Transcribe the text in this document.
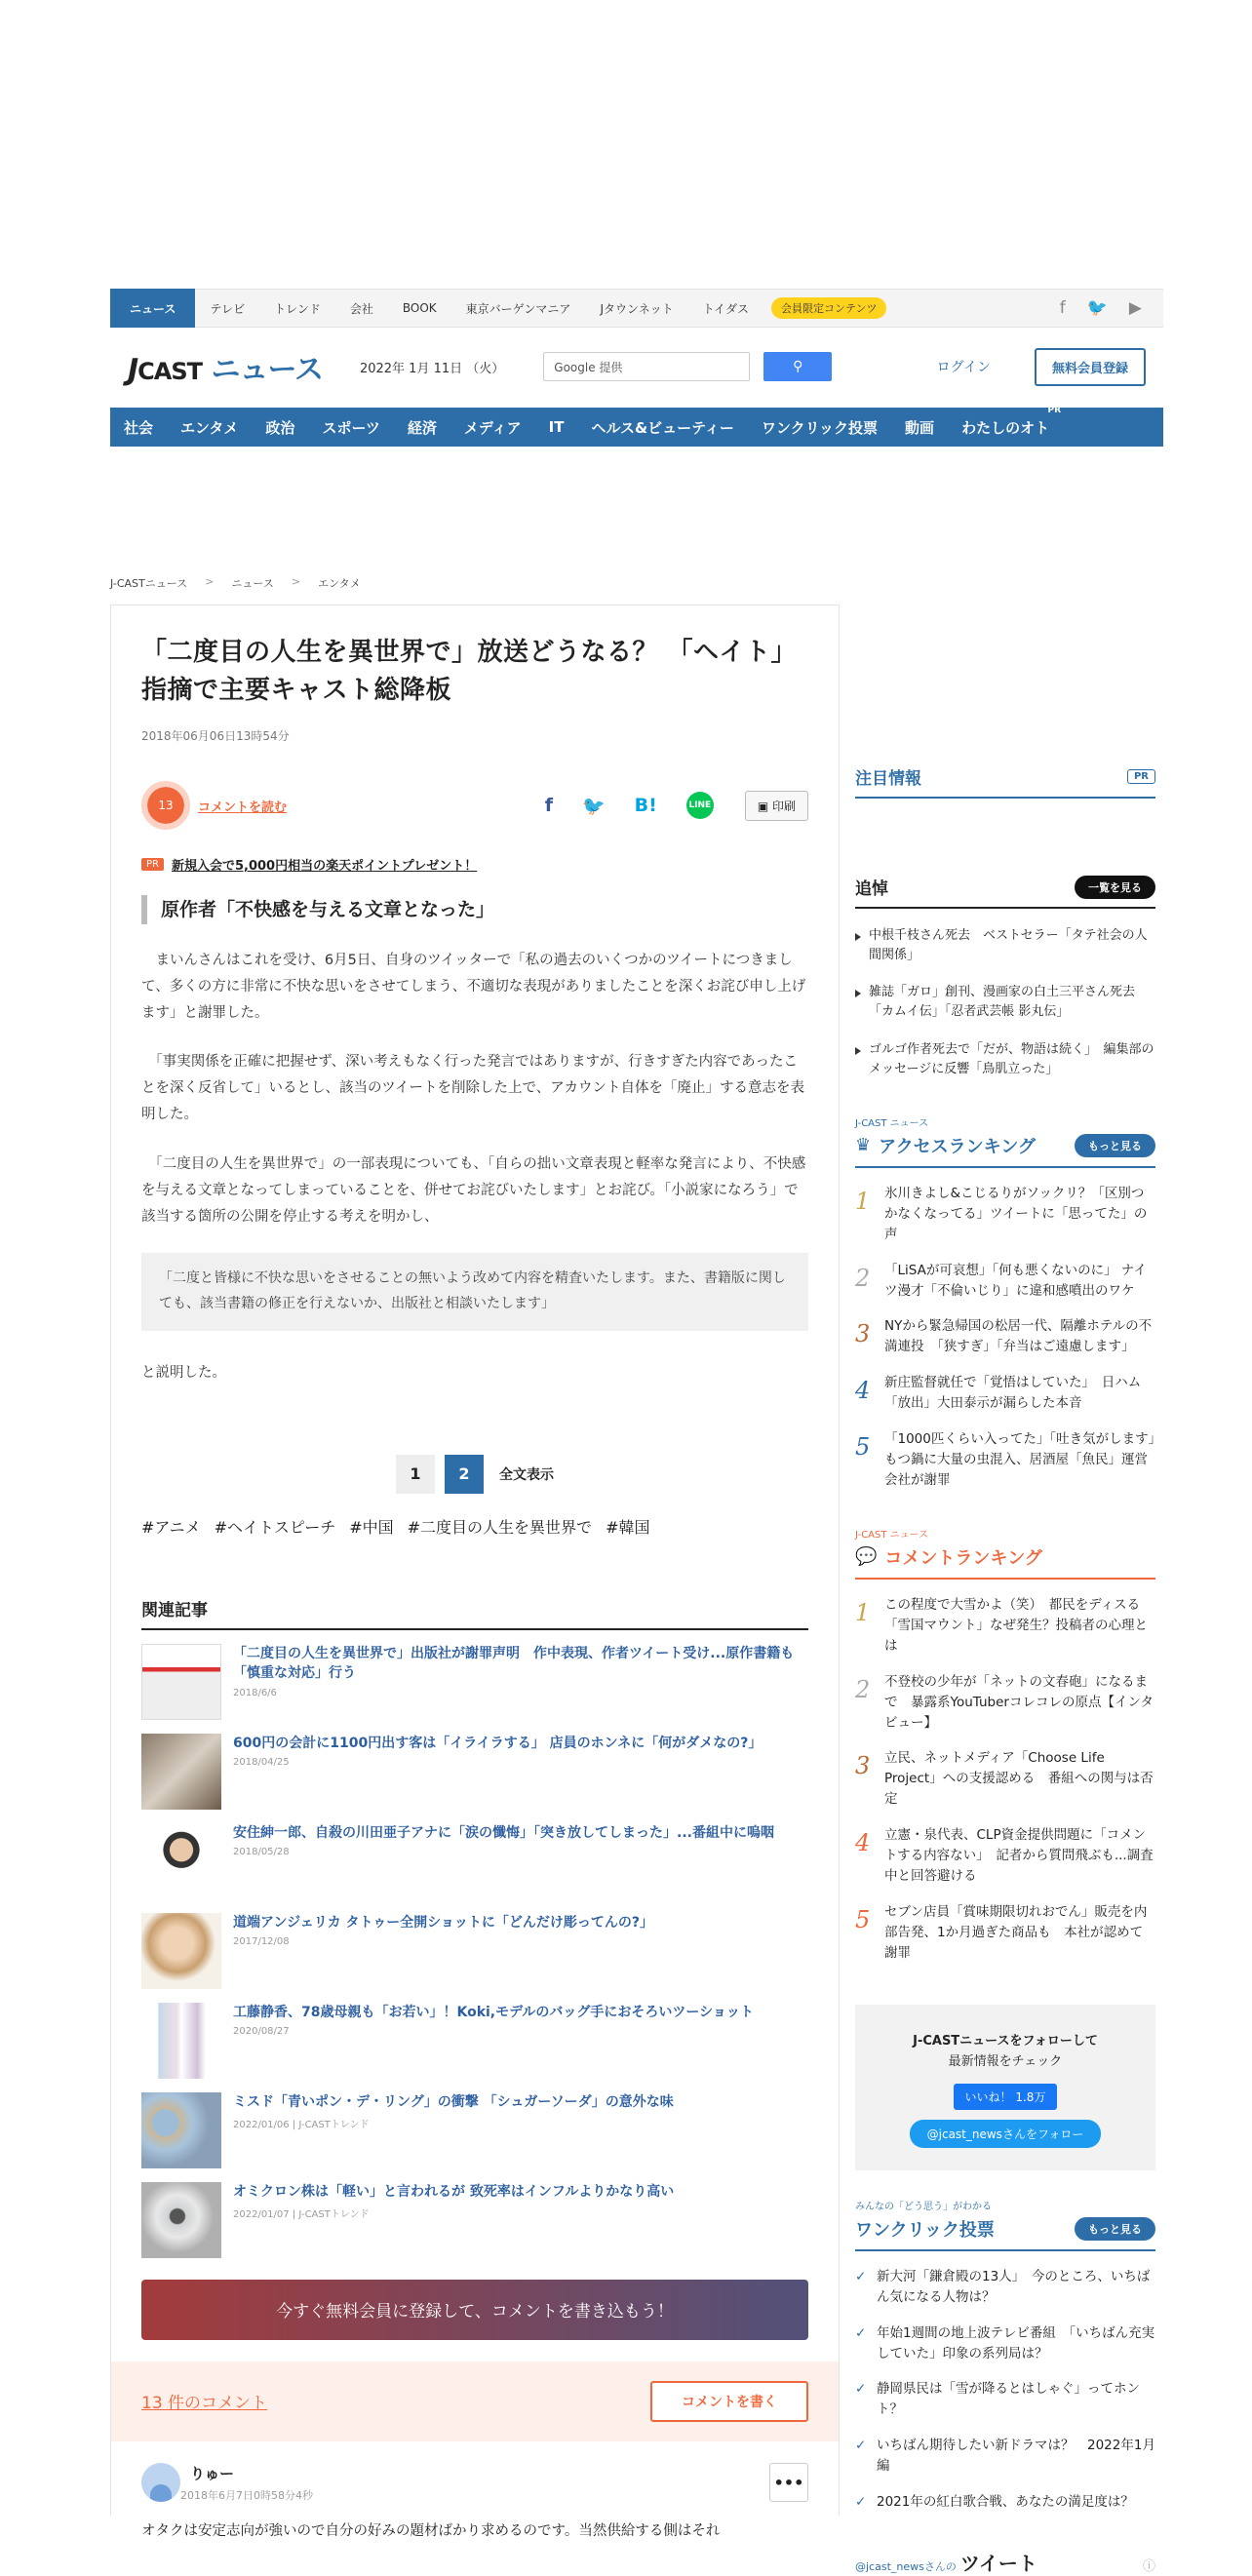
ニュース	テレビ	トレンド	会社	BOOK	東京バーゲンマニア	Jタウンネット	トイダス	会員限定コンテンツ	f 🐦 ▶
JCAST ニュース	2022年 1月 11日 （火）	Google 提供	⚲	ログイン	無料会員登録
社会	エンタメ	政治	スポーツ	経済	メディア	IT	ヘルス&ビューティー	ワンクリック投票	動画	わたしのオト
PR
J-CASTニュース > ニュース > エンタメ
「二度目の人生を異世界で」放送どうなる？ 「ヘイト」指摘で主要キャスト総降板
2018年06月06日13時54分
13	コメントを読む	f 🐦 B!	LINE	▣ 印刷
PR	新規入会で5,000円相当の楽天ポイントプレゼント！
原作者「不快感を与える文章となった」

　まいんさんはこれを受け、6月5日、自身のツイッターで「私の過去のいくつかのツイートにつきまして、多くの方に非常に不快な思いをさせてしまう、不適切な表現がありましたことを深くお詫び申し上げます」と謝罪した。

　「事実関係を正確に把握せず、深い考えもなく行った発言ではありますが、行きすぎた内容であったことを深く反省して」いるとし、該当のツイートを削除した上で、アカウント自体を「廃止」する意志を表明した。

　「二度目の人生を異世界で」の一部表現についても、「自らの拙い文章表現と軽率な発言により、不快感を与える文章となってしまっていることを、併せてお詫びいたします」とお詫び。「小説家になろう」で該当する箇所の公開を停止する考えを明かし、

「二度と皆様に不快な思いをさせることの無いよう改めて内容を精査いたします。また、書籍版に関しても、該当書籍の修正を行えないか、出版社と相談いたします」

と説明した。

1	2	全文表示
#アニメ #ヘイトスピーチ #中国 #二度目の人生を異世界で #韓国
関連記事
「二度目の人生を異世界で」出版社が謝罪声明　作中表現、作者ツイート受け...原作書籍も「慎重な対応」行う
2018/6/6
600円の会計に1100円出す客は「イライラする」 店員のホンネに「何がダメなの?」
2018/04/25
安住紳一郎、自殺の川田亜子アナに「涙の懺悔」「突き放してしまった」...番組中に嗚咽
2018/05/28
道端アンジェリカ タトゥー全開ショットに「どんだけ彫ってんの?」
2017/12/08
工藤静香、78歳母親も「お若い」！Koki,モデルのバッグ手におそろいツーショット
2020/08/27
ミスド「青いポン・デ・リング」の衝撃 「シュガーソーダ」の意外な味
2022/01/06 | J-CASTトレンド
オミクロン株は「軽い」と言われるが 致死率はインフルよりかなり高い
2022/01/07 | J-CASTトレンド
今すぐ無料会員に登録して、コメントを書き込もう！
13 件のコメント	コメントを書く
りゅー
2018年6月7日0時58分4秒
•••

オタクは安定志向が強いので自分の好みの題材ばかり求めるのです。当然供給する側はそれ

注目情報	PR
追悼	一覧を見る
中根千枝さん死去　ベストセラー「タテ社会の人間関係」
雑誌「ガロ」創刊、漫画家の白土三平さん死去　「カムイ伝」「忍者武芸帳 影丸伝」
ゴルゴ作者死去で「だが、物語は続く」　編集部のメッセージに反響「鳥肌立った」
J-CAST ニュース
♛ アクセスランキング	もっと見る
1	氷川きよし&こじるりがソックリ？「区別つかなくなってる」ツイートに「思ってた」の声
2	「LiSAが可哀想」「何も悪くないのに」 ナイツ漫才「不倫いじり」に違和感噴出のワケ
3	NYから緊急帰国の松居一代、隔離ホテルの不満連投　「狭すぎ」「弁当はご遠慮します」
4	新庄監督就任で「覚悟はしていた」　日ハム「放出」大田泰示が漏らした本音
5	「1000匹くらい入ってた」「吐き気がします」　もつ鍋に大量の虫混入、居酒屋「魚民」運営会社が謝罪
J-CAST ニュース
💬 コメントランキング
1	この程度で大雪かよ（笑）　都民をディスる「雪国マウント」なぜ発生？投稿者の心理とは
2	不登校の少年が「ネットの文春砲」になるまで　暴露系YouTuberコレコレの原点【インタビュー】
3	立民、ネットメディア「Choose Life Project」への支援認める　番組への関与は否定
4	立憲・泉代表、CLP資金提供問題に「コメントする内容ない」　記者から質問飛ぶも...調査中と回答避ける
5	セブン店員「賞味期限切れおでん」販売を内部告発、1か月過ぎた商品も　本社が認めて謝罪
J-CASTニュースをフォローして
最新情報をチェック
いいね！ 1.8万
@jcast_newsさんをフォロー
みんなの「どう思う」がわかる
ワンクリック投票	もっと見る
✓ 新大河「鎌倉殿の13人」　今のところ、いちばん気になる人物は？
✓ 年始1週間の地上波テレビ番組　「いちばん充実していた」印象の系列局は？
✓ 静岡県民は「雪が降るとはしゃぐ」ってホント？
✓ いちばん期待したい新ドラマは？　2022年1月編
✓ 2021年の紅白歌合戦、あなたの満足度は？
@jcast_newsさんの ツイート	ⓘ
